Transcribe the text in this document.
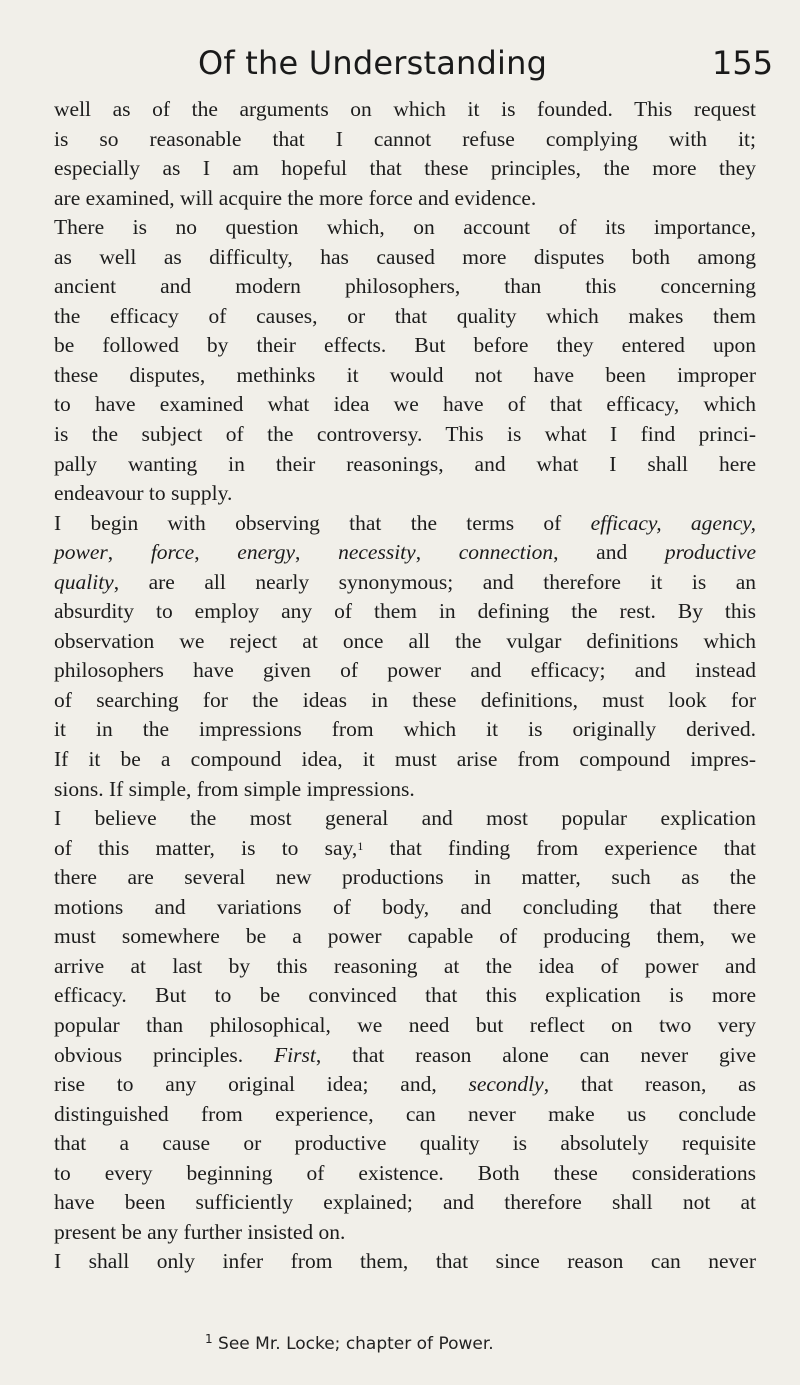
Of the Understanding	155
well as of the arguments on which it is founded. This request
is so reasonable that I cannot refuse complying with it;
especially as I am hopeful that these principles, the more they
are examined, will acquire the more force and evidence.
There is no question which, on account of its importance,
as well as difficulty, has caused more disputes both among
ancient and modern philosophers, than this concerning
the efficacy of causes, or that quality which makes them
be followed by their effects. But before they entered upon
these disputes, methinks it would not have been improper
to have examined what idea we have of that efficacy, which
is the subject of the controversy. This is what I find princi-
pally wanting in their reasonings, and what I shall here
endeavour to supply.
I begin with observing that the terms of efficacy, agency,
power, force, energy, necessity, connection, and productive
quality, are all nearly synonymous; and therefore it is an
absurdity to employ any of them in defining the rest. By this
observation we reject at once all the vulgar definitions which
philosophers have given of power and efficacy; and instead
of searching for the ideas in these definitions, must look for
it in the impressions from which it is originally derived.
If it be a compound idea, it must arise from compound impres-
sions. If simple, from simple impressions.
I believe the most general and most popular explication
of this matter, is to say,$^1$ that finding from experience that
there are several new productions in matter, such as the
motions and variations of body, and concluding that there
must somewhere be a power capable of producing them, we
arrive at last by this reasoning at the idea of power and
efficacy. But to be convinced that this explication is more
popular than philosophical, we need but reflect on two very
obvious principles. First, that reason alone can never give
rise to any original idea; and, secondly, that reason, as
distinguished from experience, can never make us conclude
that a cause or productive quality is absolutely requisite
to every beginning of existence. Both these considerations
have been sufficiently explained; and therefore shall not at
present be any further insisted on.
I shall only infer from them, that since reason can never
$^1$ See Mr. Locke; chapter of Power.
